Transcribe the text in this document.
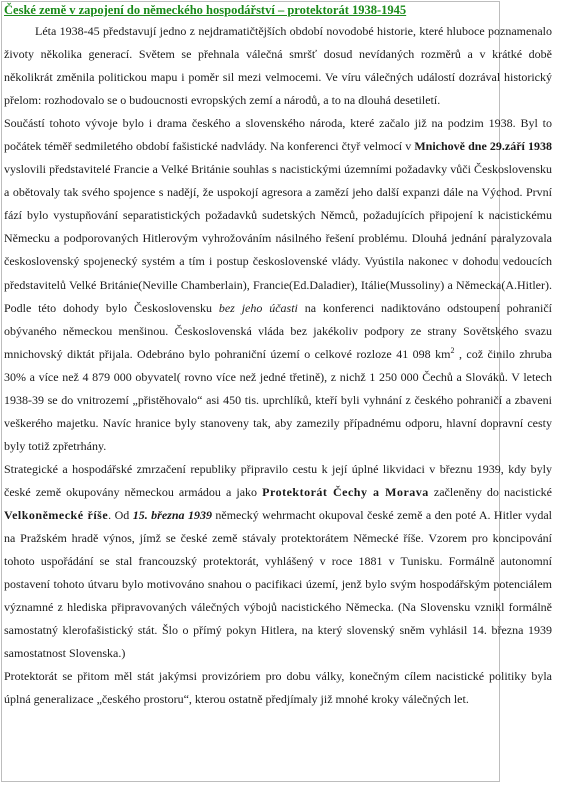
České země v zapojení do německého hospodářství – protektorát 1938-1945

Léta 1938-45 představují jedno z nejdramatičtějších období novodobé historie, které hluboce poznamenalo životy několika generací. Světem se přehnala válečná smršť dosud nevídaných rozměrů a v krátké době několikrát změnila politickou mapu i poměr sil mezi velmocemi. Ve víru válečných událostí dozrával historický přelom: rozhodovalo se o budoucnosti evropských zemí a národů, a to na dlouhá desetiletí.

Součástí tohoto vývoje bylo i drama českého a slovenského národa, které začalo již na podzim 1938. Byl to počátek téměř sedmiletého období fašistické nadvlády. Na konferenci čtyř velmocí v Mnichově dne 29.září 1938 vyslovili představitelé Francie a Velké Británie souhlas s nacistickými územními požadavky vůči Československu a obětovaly tak svého spojence s nadějí, že uspokojí agresora a zamězí jeho další expanzi dále na Východ. První fází bylo vystupňování separatistických požadavků sudetských Němců, požadujících připojení k nacistickému Německu a podporovaných Hitlerovým vyhrožováním násilného řešení problému. Dlouhá jednání paralyzovala československý spojenecký systém a tím i postup československé vlády. Vyústila nakonec v dohodu vedoucích představitelů Velké Británie(Neville Chamberlain), Francie(Ed.Daladier), Itálie(Mussoliny) a Německa(A.Hitler). Podle této dohody bylo Československu bez jeho účasti na konferenci nadiktováno odstoupení pohraničí obývaného německou menšinou. Československá vláda bez jakékoliv podpory ze strany Sovětského svazu mnichovský diktát přijala. Odebráno bylo pohraniční území o celkové rozloze 41 098 $km^2$ , což činilo zhruba 30% a více než 4 879 000 obyvatel( rovno více než jedné třetině), z nichž 1 250 000 Čechů a Slováků. V letech 1938-39 se do vnitrozemí „přistěhovalo“ asi 450 tis. uprchlíků, kteří byli vyhnání z českého pohraničí a zbaveni veškerého majetku. Navíc hranice byly stanoveny tak, aby zamezily případnému odporu, hlavní dopravní cesty byly totiž zpřetrhány.

Strategické a hospodářské zmrzačení republiky připravilo cestu k její úplné likvidaci v březnu 1939, kdy byly české země okupovány německou armádou a jako Protektorát Čechy a Morava začleněny do nacistické Velkoněmecké říše. Od 15. března 1939 německý wehrmacht okupoval české země a den poté A. Hitler vydal na Pražském hradě výnos, jímž se české země stávaly protektorátem Německé říše. Vzorem pro koncipování tohoto uspořádání se stal francouzský protektorát, vyhlášený v roce 1881 v Tunisku. Formálně autonomní postavení tohoto útvaru bylo motivováno snahou o pacifikaci území, jenž bylo svým hospodářským potenciálem významné z hlediska připravovaných válečných výbojů nacistického Německa. (Na Slovensku vznikl formálně samostatný klerofašistický stát. Šlo o přímý pokyn Hitlera, na který slovenský sněm vyhlásil 14. března 1939 samostatnost Slovenska.)

Protektorát se přitom měl stát jakýmsi provizóriem pro dobu války, konečným cílem nacistické politiky byla úplná generalizace „českého prostoru“, kterou ostatně předjímaly již mnohé kroky válečných let.
